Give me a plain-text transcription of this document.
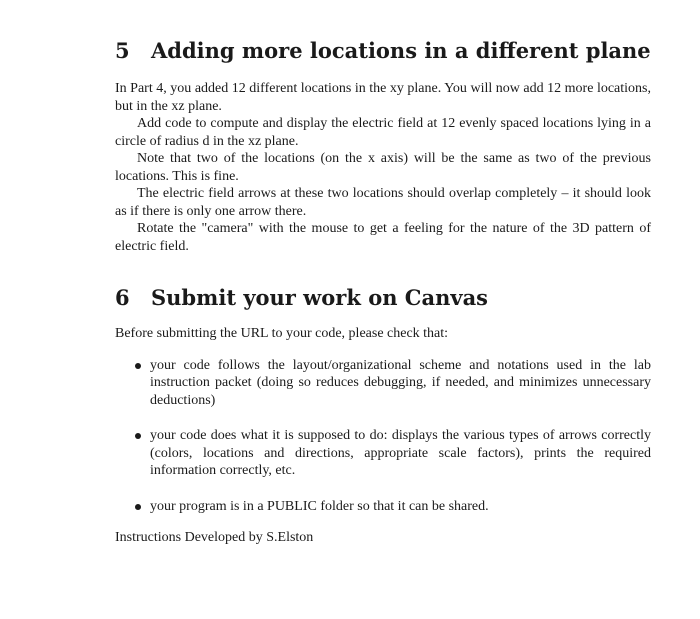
5 Adding more locations in a different plane

In Part 4, you added 12 different locations in the xy plane. You will now add 12 more locations, but in the xz plane.

Add code to compute and display the electric field at 12 evenly spaced locations lying in a circle of radius d in the xz plane.

Note that two of the locations (on the x axis) will be the same as two of the previous locations. This is fine.

The electric field arrows at these two locations should overlap completely – it should look as if there is only one arrow there.

Rotate the "camera" with the mouse to get a feeling for the nature of the 3D pattern of electric field.

6 Submit your work on Canvas

Before submitting the URL to your code, please check that:

your code follows the layout/organizational scheme and notations used in the lab instruction packet (doing so reduces debugging, if needed, and minimizes unnecessary deductions)

your code does what it is supposed to do: displays the various types of arrows correctly (colors, locations and directions, appropriate scale factors), prints the required information correctly, etc.

your program is in a PUBLIC folder so that it can be shared.

Instructions Developed by S.Elston
